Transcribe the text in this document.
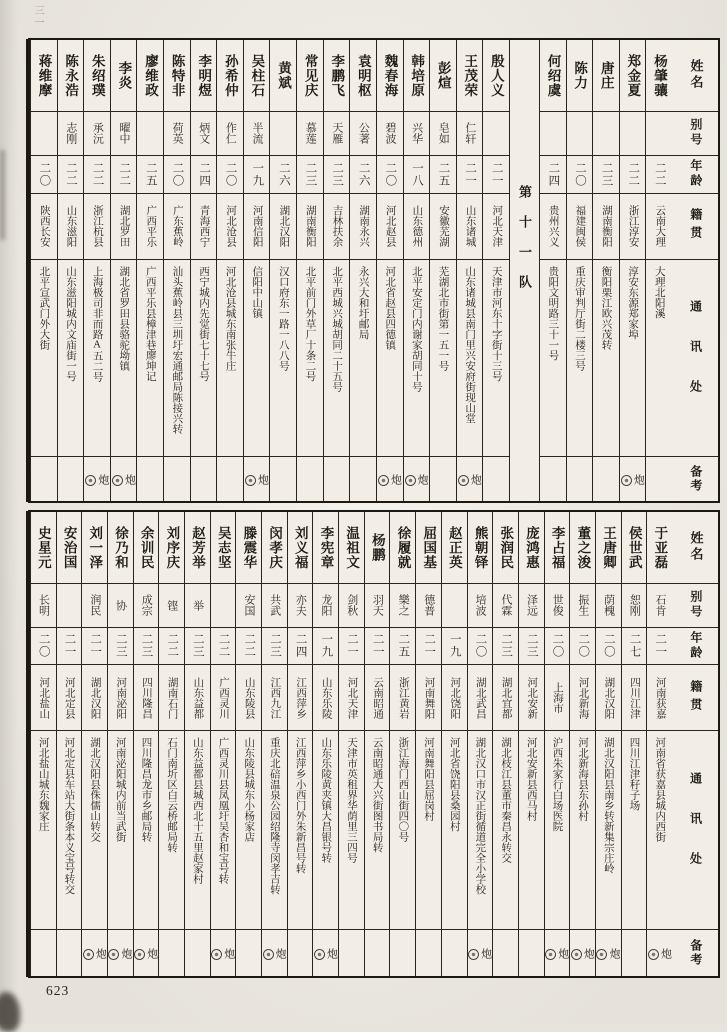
三一
姓名
别号
年龄
籍贯
通讯处
备考
杨肇骧
二二
云南大理
大理北阳溪
郑金夏
二二
浙江淳安
淳安东源郑家埠
炮
唐庄
二三
湖南衡阳
衡阳栗江欧兴茂转
陈力
二〇
福建闽侯
重庆审判厅街二楼三号
何绍虞
二四
贵州兴义
贵阳文明路三十一号
第十一队
殷人义
二一
河北天津
天津市河东十字街十三号
王茂荣
仁轩
二一
山东诸城
山东诸城县南门里兴安府街现山堂
炮
彭煊
皂如
二五
安徽芜湖
芜湖北市街第一五一号
韩培原
兴华
一八
山东德州
北平安定门内谢家胡同十号
炮
魏春海
碧波
二〇
河北赵县
河北省赵县四德镇
炮
袁明枢
公著
二六
湖南永兴
永兴大和圩邮局
李鹏飞
天雁
二三
吉林扶余
北平西城兴城胡同二十五号
常见庆
慕莲
二三
湖南衡阳
北平前门外草厂十条二号
黄斌
二六
湖北汉阳
汉口府东一路一八八号
吴柱石
半流
一九
河南信阳
信阳中山镇
炮
孙希仲
作仁
二〇
河北沧县
河北沧县城东南张牛庄
李明煜
炳文
二四
青海西宁
西宁城内先觉街七十七号
陈特非
荷英
二〇
广东蕉岭
汕头蕉岭县三圳圩宏通邮局陈接兴转
廖维政
二五
广西平乐
广西平乐县樟津巷廖坤记
李炎
曜中
二二
湖北罗田
湖北省罗田县骆驼坳镇
炮
朱绍璞
承沅
二二
浙江杭县
上海极司非而路A五二号
炮
陈永浩
志刚
二二
山东滋阳
山东滋阳城内文庙街一号
蒋维摩
二〇
陕西长安
北平宣武门外大街
姓名
别号
年龄
籍贯
通讯处
备考
于亚磊
石肯
二一
河南获嘉
河南省获嘉县城内西街
炮
侯世武
恕刚
二七
四川江津
四川江津秄子场
王唐卿
荫槐
二〇
湖北汉阳
湖北汉阳县南乡转新集宗庄岭
炮
董之浚
振生
二〇
河北新海
河北新海县东孙村
炮
李占福
世俊
二〇
上海市
沪西朱家行白场医院
炮
庞鸿惠
泽远
二三
河北安新
河北安新县西马村
张润民
代霖
二三
湖北宜都
湖北枝江县董市秦昌永转交
熊朝铎
培波
二〇
湖北武昌
湖北汉口市汉正街循道完全小学校
炮
赵正英
一九
河北饶阳
河北省饶阳县桑园村
屈国基
德普
二一
河南舞阳
河南舞阳县屈岗村
徐履就
樂之
二五
浙江黄岩
浙江海门西山街四〇号
杨鹏
羽天
二一
云南昭通
云南昭通大兴街图书局转
温祖文
剑秋
二一
河北天津
天津市英租界华荫里三四号
李宪章
龙阳
一九
山东乐陵
山东乐陵黄夹镇大昌银号转
炮
刘义福
亦夫
二四
江西萍乡
江西萍乡小西门外朱新昌号转
闵孝庆
共武
二三
江西九江
重庆北碚温泉公园绍隆寺闵孝吉转
炮
滕震华
安国
二二
山东陵县
山东陵县城东小杨家店
吴志坚
二二
广西灵川
广西灵川县凤凰圩吴杏和宝号转
炮
赵芳举
举
二三
山东益都
山东益都县城西北十五里赵家村
刘序庆
铿
二二
湖南石门
石门南圻区白云桥邮局转
余训民
成宗
二三
四川隆昌
四川隆昌龙市乡邮局转
炮
徐乃和
协
二三
河南泌阳
河南泌阳城内前当武街
炮
刘一泽
润民
二一
湖北汉阳
湖北汉阳县侏儒山转交
炮
安治国
二一
河北定县
河北定县车站大街条本义宝号转交
史星元
长明
二〇
河北盐山
河北盐山城东魏家庄
623
